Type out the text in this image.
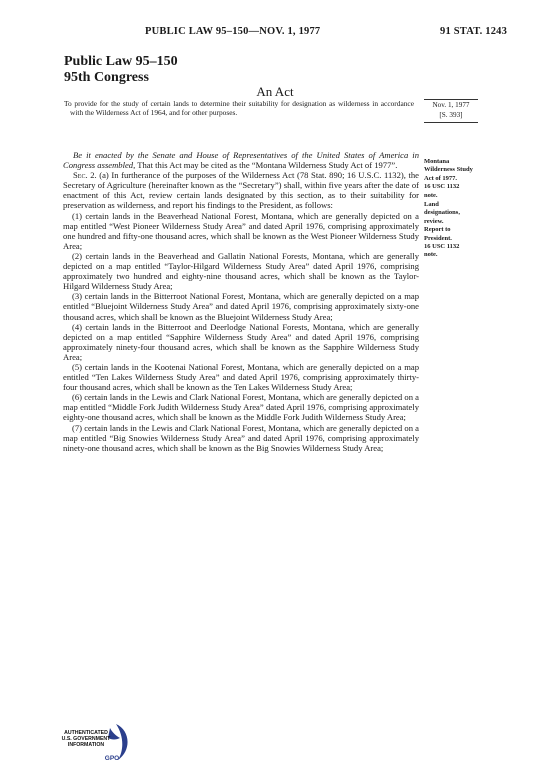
PUBLIC LAW 95–150—NOV. 1, 1977	91 STAT. 1243
Public Law 95–150
95th Congress
An Act
To provide for the study of certain lands to determine their suitability for designation as wilderness in accordance with the Wilderness Act of 1964, and for other purposes.
Nov. 1, 1977
[S. 393]

Be it enacted by the Senate and House of Representatives of the United States of America in Congress assembled, That this Act may be cited as the “Montana Wilderness Study Act of 1977”.

Sec. 2. (a) In furtherance of the purposes of the Wilderness Act (78 Stat. 890; 16 U.S.C. 1132), the Secretary of Agriculture (hereinafter known as the “Secretary”) shall, within five years after the date of enactment of this Act, review certain lands designated by this section, as to their suitability for preservation as wilderness, and report his findings to the President, as follows:

(1) certain lands in the Beaverhead National Forest, Montana, which are generally depicted on a map entitled “West Pioneer Wilderness Study Area” and dated April 1976, comprising approximately one hundred and fifty-one thousand acres, which shall be known as the West Pioneer Wilderness Study Area;

(2) certain lands in the Beaverhead and Gallatin National Forests, Montana, which are generally depicted on a map entitled “Taylor-Hilgard Wilderness Study Area” dated April 1976, comprising approximately two hundred and eighty-nine thousand acres, which shall be known as the Taylor-Hilgard Wilderness Study Area;

(3) certain lands in the Bitterroot National Forest, Montana, which are generally depicted on a map entitled “Bluejoint Wilderness Study Area” and dated April 1976, comprising approximately sixty-one thousand acres, which shall be known as the Bluejoint Wilderness Study Area;

(4) certain lands in the Bitterroot and Deerlodge National Forests, Montana, which are generally depicted on a map entitled “Sapphire Wilderness Study Area” and dated April 1976, comprising approximately ninety-four thousand acres, which shall be known as the Sapphire Wilderness Study Area;

(5) certain lands in the Kootenai National Forest, Montana, which are generally depicted on a map entitled “Ten Lakes Wilderness Study Area” and dated April 1976, comprising approximately thirty-four thousand acres, which shall be known as the Ten Lakes Wilderness Study Area;

(6) certain lands in the Lewis and Clark National Forest, Montana, which are generally depicted on a map entitled “Middle Fork Judith Wilderness Study Area” dated April 1976, comprising approximately eighty-one thousand acres, which shall be known as the Middle Fork Judith Wilderness Study Area;

(7) certain lands in the Lewis and Clark National Forest, Montana, which are generally depicted on a map entitled “Big Snowies Wilderness Study Area” and dated April 1976, comprising approximately ninety-one thousand acres, which shall be known as the Big Snowies Wilderness Study Area;

Montana
Wilderness Study
Act of 1977.
16 USC 1132
note.
Land
designations,
review.
Report to
President.
16 USC 1132
note.
AUTHENTICATED
U.S. GOVERNMENT
INFORMATION
GPO
